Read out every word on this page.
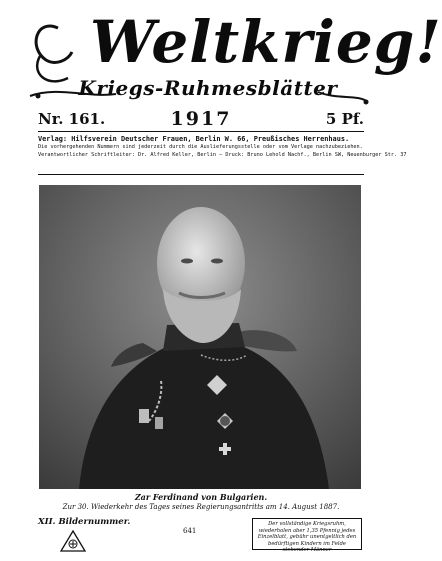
Weltkrieg!
Kriegs-Ruhmesblätter
Nr. 161.	1917	5 Pf.
Verlag: Hilfsverein Deutscher Frauen, Berlin W. 66, Preußisches Herrenhaus.
Die vorhergehenden Nummern sind jederzeit durch die Auslieferungsstelle oder vom Verlage nachzubeziehen.
Verantwortlicher Schriftleiter: Dr. Alfred Keller, Berlin – Druck: Bruno Lehold Nachf., Berlin SW, Neuenburger Str. 37
Zar Ferdinand von Bulgarien.
Zur 30. Wiederkehr des Tages seines Regierungsantritts am 14. August 1887.
XII. Bildernummer.
641
Der vollständige Kriegsruhm, wiederholen aber 1,35 Pfennig jedes Einzelblatt, gebühr unentgeltlich den bedürftigen Kindern im Felde stehender Männer
